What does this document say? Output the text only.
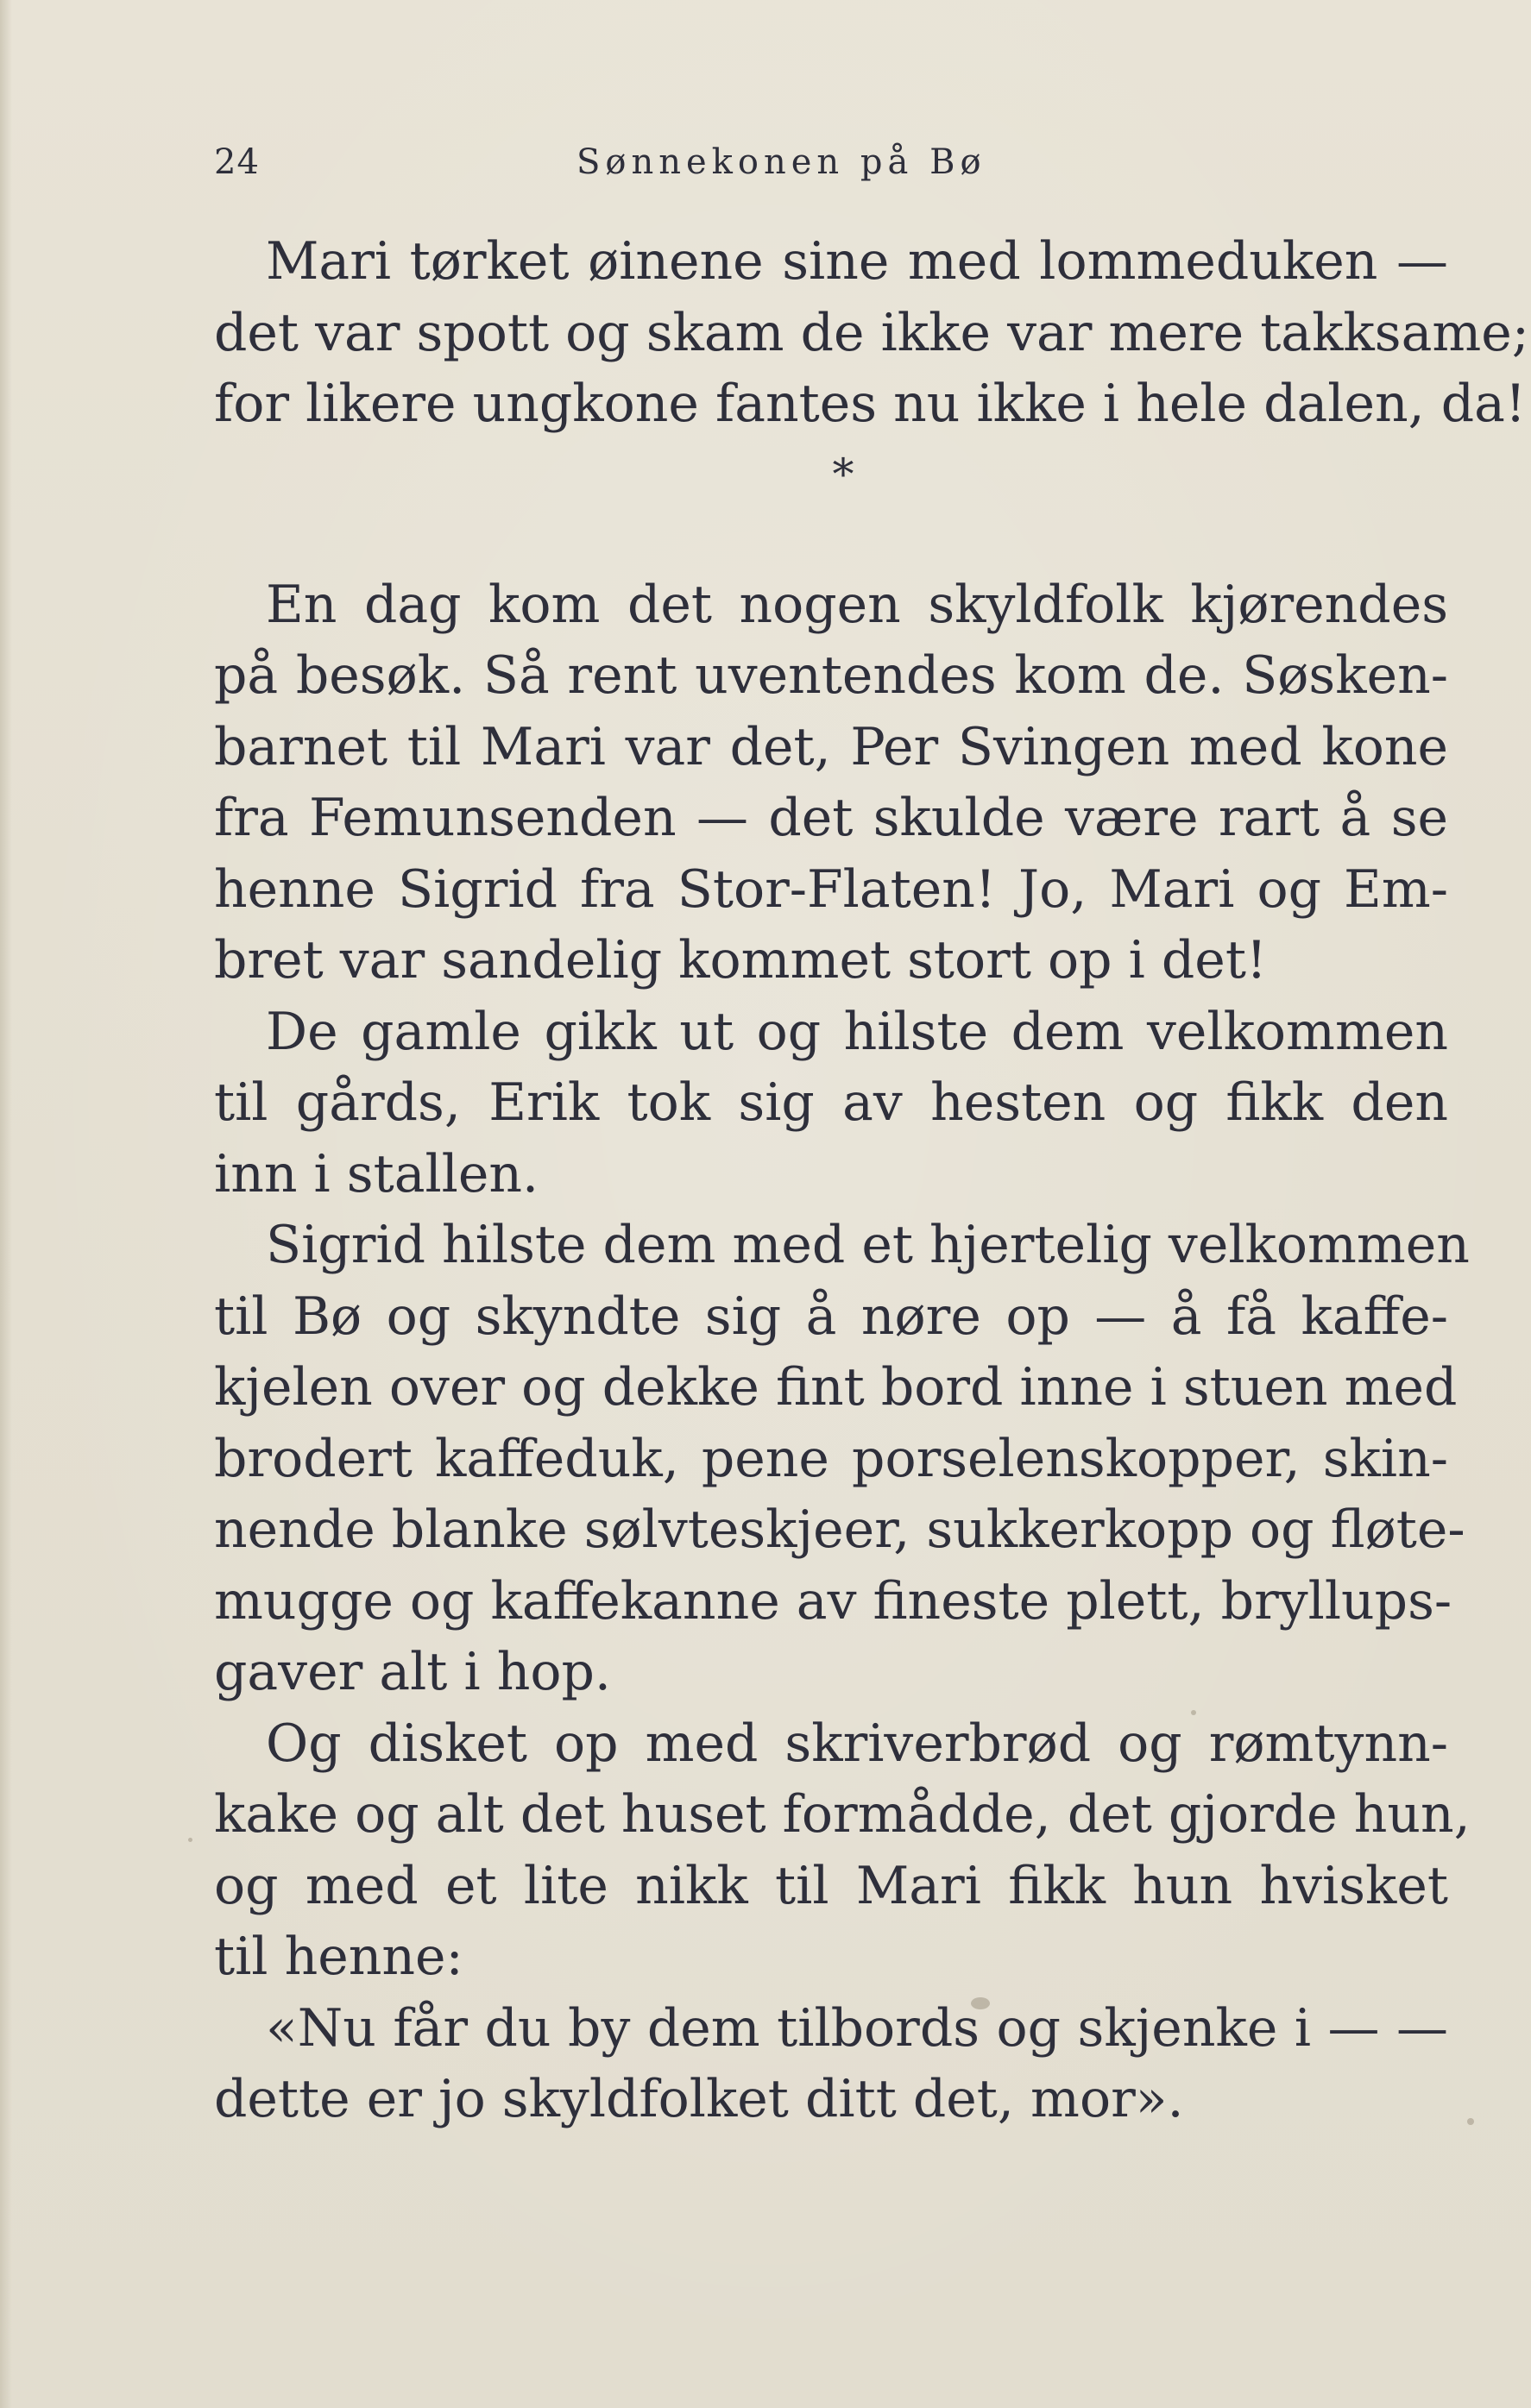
24	Sønnekonen på Bø
Mari tørket øinene sine med lommeduken —
det var spott og skam de ikke var mere takksame;
for likere ungkone fantes nu ikke i hele dalen, da!
*
En dag kom det nogen skyldfolk kjørendes
på besøk. Så rent uventendes kom de. Søsken-
barnet til Mari var det, Per Svingen med kone
fra Femunsenden — det skulde være rart å se
henne Sigrid fra Stor-Flaten! Jo, Mari og Em-
bret var sandelig kommet stort op i det!
De gamle gikk ut og hilste dem velkommen
til gårds, Erik tok sig av hesten og fikk den
inn i stallen.
Sigrid hilste dem med et hjertelig velkommen
til Bø og skyndte sig å nøre op — å få kaffe-
kjelen over og dekke fint bord inne i stuen med
brodert kaffeduk, pene porselenskopper, skin-
nende blanke sølvteskjeer, sukkerkopp og fløte-
mugge og kaffekanne av fineste plett, bryllups-
gaver alt i hop.
Og disket op med skriverbrød og rømtynn-
kake og alt det huset formådde, det gjorde hun,
og med et lite nikk til Mari fikk hun hvisket
til henne:
«Nu får du by dem tilbords og skjenke i — —
dette er jo skyldfolket ditt det, mor».
